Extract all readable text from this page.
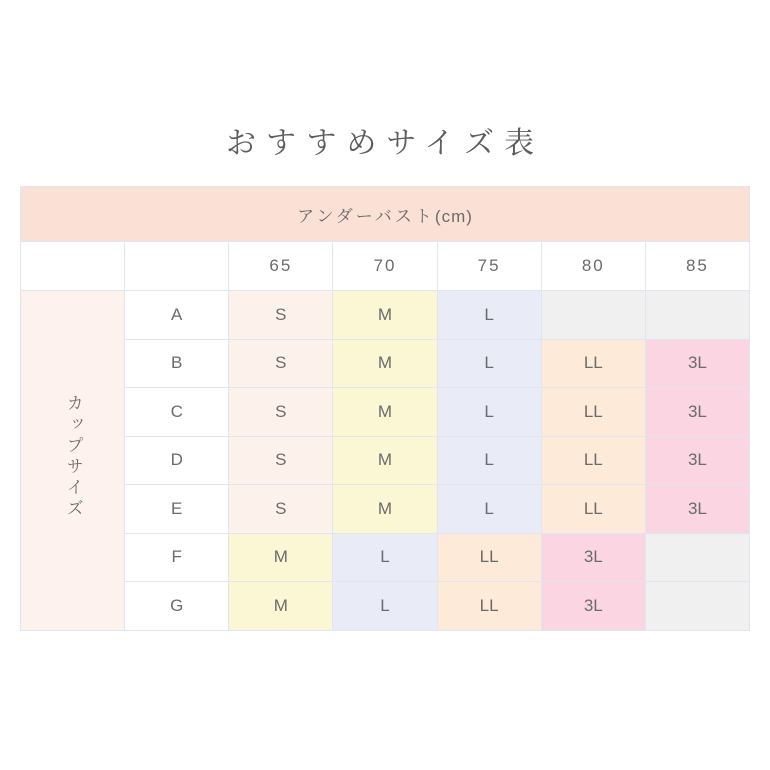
おすすめサイズ表
アンダーバスト(cm)						
		65	70	75	80	85
カップサイズ	A	S	M	L		
	B	S	M	L	LL	3L
	C	S	M	L	LL	3L
	D	S	M	L	LL	3L
	E	S	M	L	LL	3L
	F	M	L	LL	3L	
	G	M	L	LL	3L	
